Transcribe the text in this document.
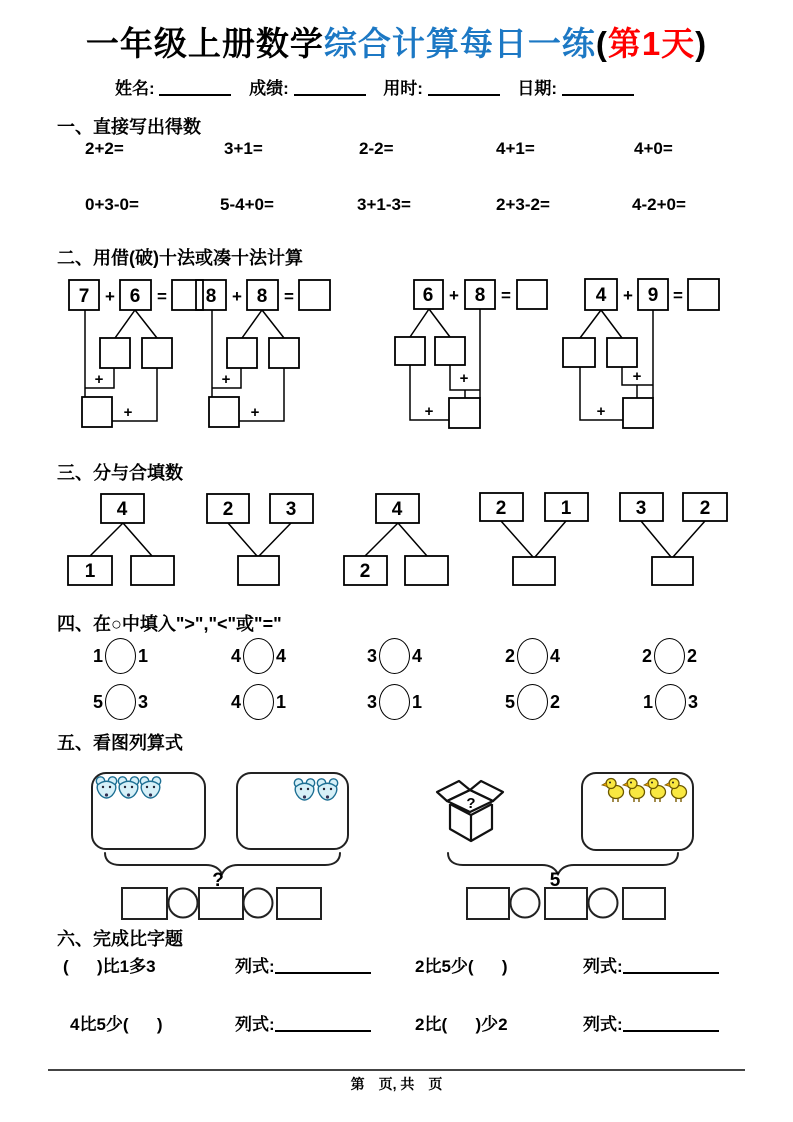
一年级上册数学综合计算每日一练(第1天)
姓名:	成绩:	用时:	日期:
一、直接写出得数
2+2=	3+1=	2-2=	4+1=	4+0=
0+3-0=	5-4+0=	3+1-3=	2+3-2=	4-2+0=
二、用借(破)十法或凑十法计算
7 + 6 =
+
+
8 + 8 =
+
+
6 + 8 =
+
+
4 + 9 =
+
+
三、分与合填数
4
1
2	3	4
2
2	1	3	2
四、在○中填入">","<"或"="
1 1	4 4	3 4	2 4	2 2
5 3	4 1	3 1	5 2	1 3
五、看图列算式
?
?
5
六、完成比字题
(      )比1多3	列式:	2比5少(      )	列式:
4比5少(      )	列式:	2比(      )少2	列式:
第　页, 共　页
